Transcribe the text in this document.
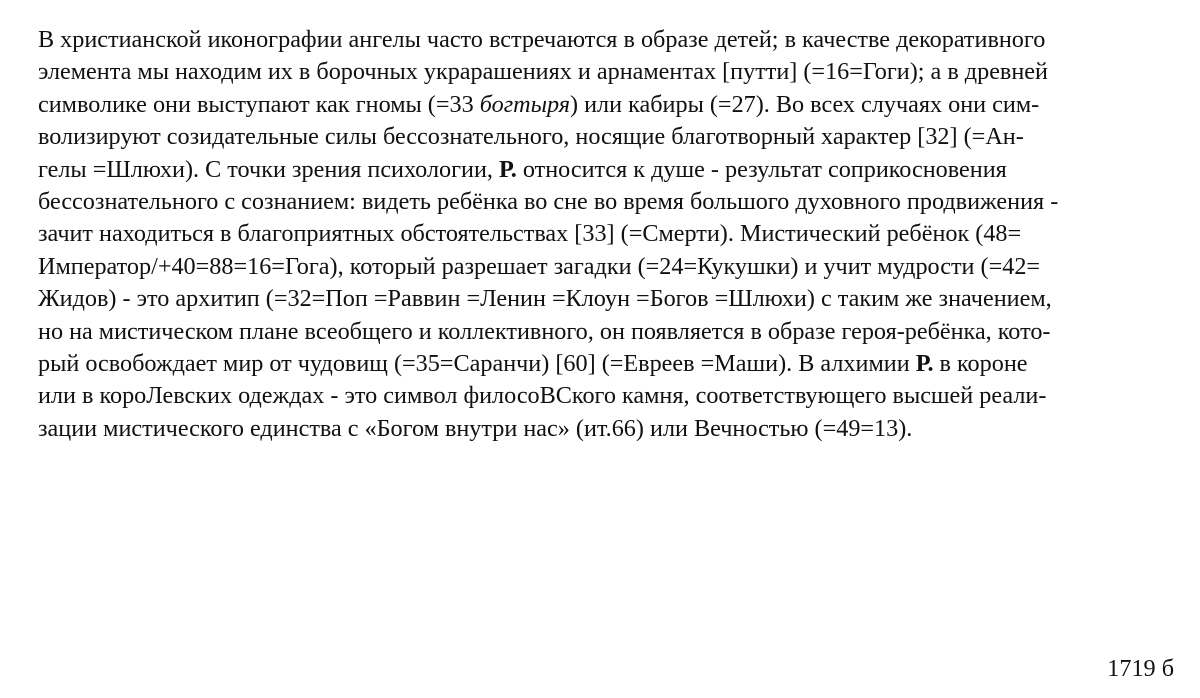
В христианской иконографии ангелы часто встречаются в образе детей; в качестве декоративного
элемента мы находим их в борочных украрашениях и арнаментах [путти] (=16=Гоги); а в древней
символике они выступают как гномы (=33 богтыря) или кабиры (=27). Во всех случаях они сим-
волизируют созидательные силы бессознательного, носящие благотворный характер [32] (=Ан-
гелы =Шлюхи). С точки зрения психологии, Р. относится к душе - результат соприкосновения
бессознательного с сознанием: видеть ребёнка во сне во время большого духовного продвижения -
зачит находиться в благоприятных обстоятельствах [33] (=Смерти). Мистический ребёнок (48=
Император/+40=88=16=Гога), который разрешает загадки (=24=Кукушки) и учит мудрости (=42=
Жидов) - это архитип (=32=Поп =Раввин =Ленин =Клоун =Богов =Шлюхи) с таким же значением,
но на мистическом плане всеобщего и коллективного, он появляется в образе героя-ребёнка, кото-
рый освобождает мир от чудовищ (=35=Саранчи) [60] (=Евреев =Маши). В алхимии Р. в короне
или в короЛевских одеждах - это символ филосоВСкого камня, соответствующего высшей реали-
зации мистического единства с «Богом внутри нас» (ит.66) или Вечностью (=49=13).
1719 б
